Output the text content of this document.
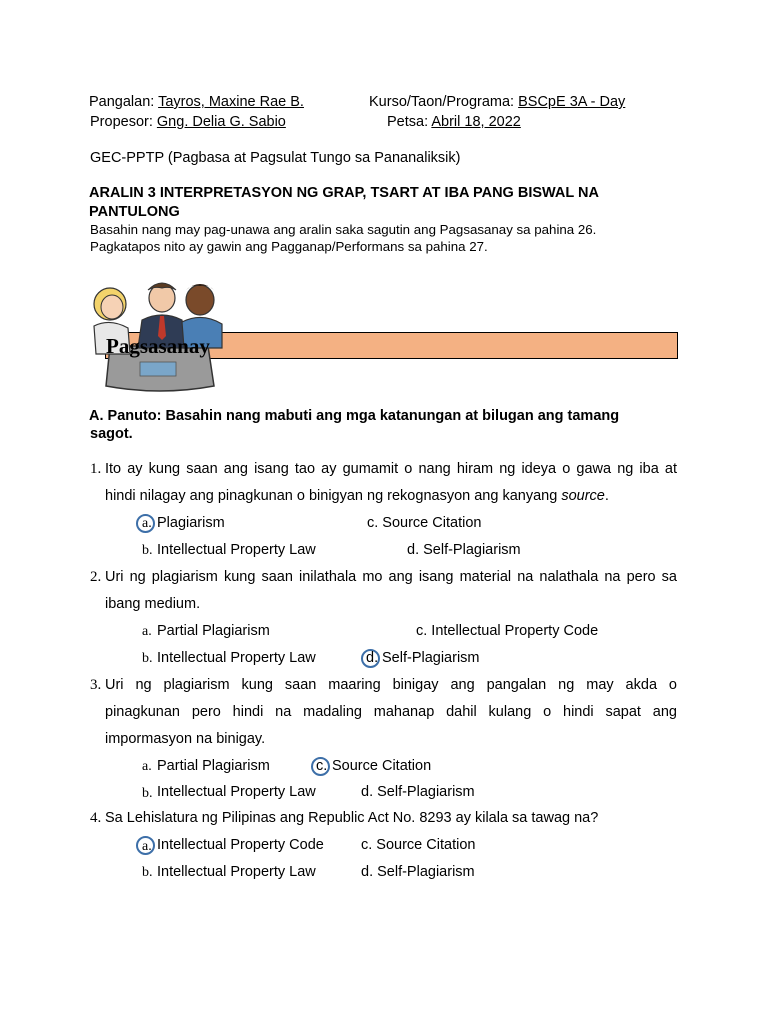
Pangalan: Tayros, Maxine Rae B.	Kurso/Taon/Programa: BSCpE 3A - Day
Propesor: Gng. Delia G. Sabio	Petsa: Abril 18, 2022
GEC-PPTP (Pagbasa at Pagsulat Tungo sa Pananaliksik)
ARALIN 3 INTERPRETASYON NG GRAP, TSART AT IBA PANG BISWAL NA
PANTULONG
Basahin nang may pag-unawa ang aralin saka sagutin ang Pagsasanay sa pahina 26.
Pagkatapos nito ay gawin ang Pagganap/Performans sa pahina 27.
Pagsasanay
A. Panuto: Basahin nang mabuti ang mga katanungan at bilugan ang tamang
sagot.
1. Ito ay kung saan ang isang tao ay gumamit o nang hiram ng ideya o gawa ng iba at
hindi nilagay ang pinagkunan o binigyan ng rekognasyon ang kanyang source.
a. Plagiarism	c. Source Citation
b. Intellectual Property Law	d. Self-Plagiarism
2. Uri ng plagiarism kung saan inilathala mo ang isang material na nalathala na pero sa
ibang medium.
a. Partial Plagiarism	c. Intellectual Property Code
b. Intellectual Property Law	d. Self-Plagiarism
3. Uri ng plagiarism kung saan maaring binigay ang pangalan ng may akda o
pinagkunan pero hindi na madaling mahanap dahil kulang o hindi sapat ang
impormasyon na binigay.
a. Partial Plagiarism	c. Source Citation
b. Intellectual Property Law	d. Self-Plagiarism
4. Sa Lehislatura ng Pilipinas ang Republic Act No. 8293 ay kilala sa tawag na?
a. Intellectual Property Code	c. Source Citation
b. Intellectual Property Law	d. Self-Plagiarism
